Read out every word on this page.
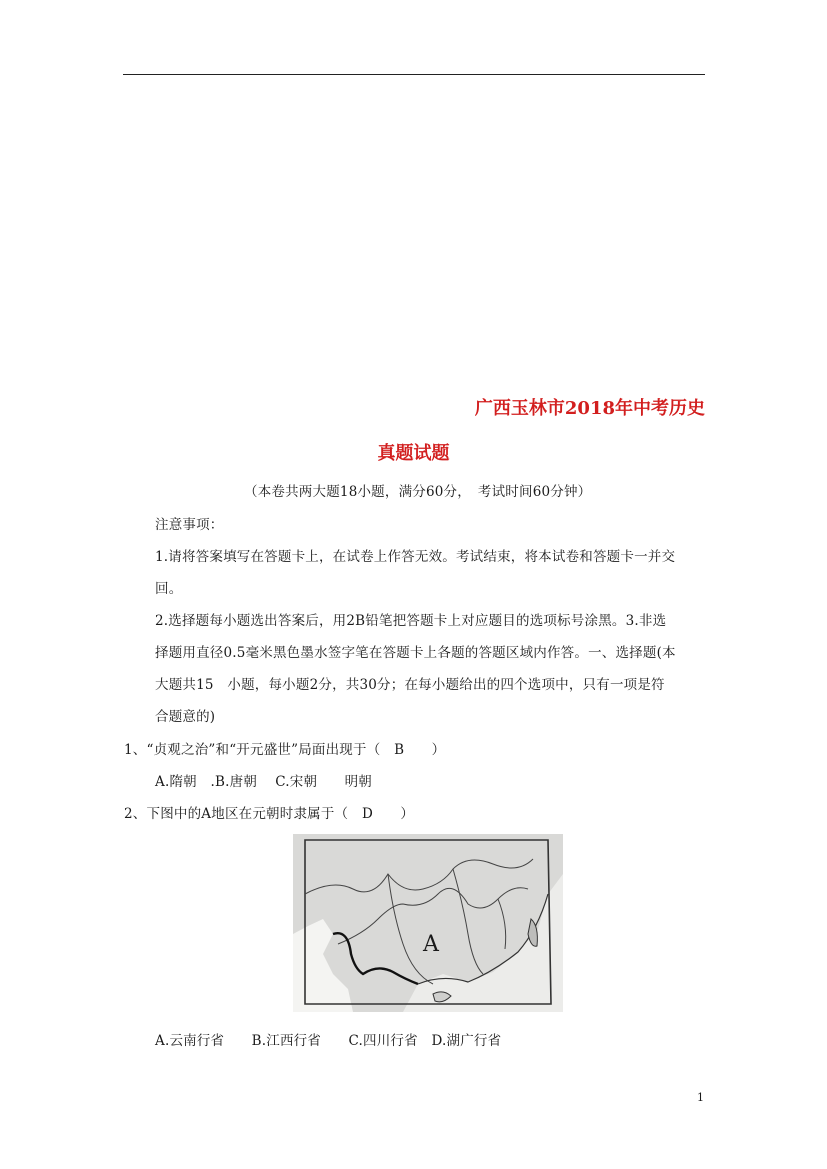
广西玉林市2018年中考历史
真题试题
（本卷共两大题18小题，满分60分，　考试时间60分钟）
注意事项：
1.请将答案填写在答题卡上，在试卷上作答无效。考试结束，将本试卷和答题卡一并交
回。
2.选择题每小题选出答案后，用2B铅笔把答题卡上对应题目的选项标号涂黑。3.非选
择题用直径0.5毫米黑色墨水签字笔在答题卡上各题的答题区域内作答。一、选择题(本
大题共15　小题，每小题2分，共30分；在每小题给出的四个选项中，只有一项是符
合题意的)
1、“贞观之治”和“开元盛世”局面出现于（　B　　）
A.隋朝　.B.唐朝　 C.宋朝　　明朝
2、下图中的A地区在元朝时隶属于（　D　　）
A
A.云南行省　　B.江西行省　　C.四川行省　D.湖广行省
1
